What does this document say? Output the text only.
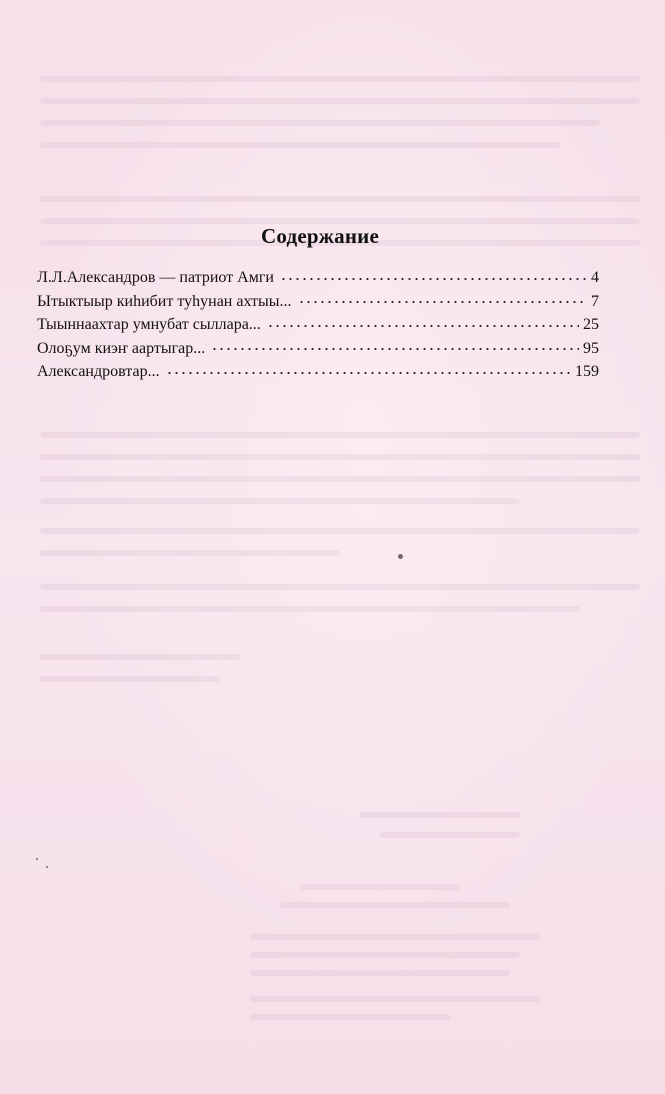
Содержание
Л.Л.Александров — патриот Амги	4
Ытыктыыр киһибит туһунан ахтыы...	7
Тыыннаахтар умнубат сыллара...	25
Олоҕум киэҥ аартыгар...	95
Александровтар...	159
